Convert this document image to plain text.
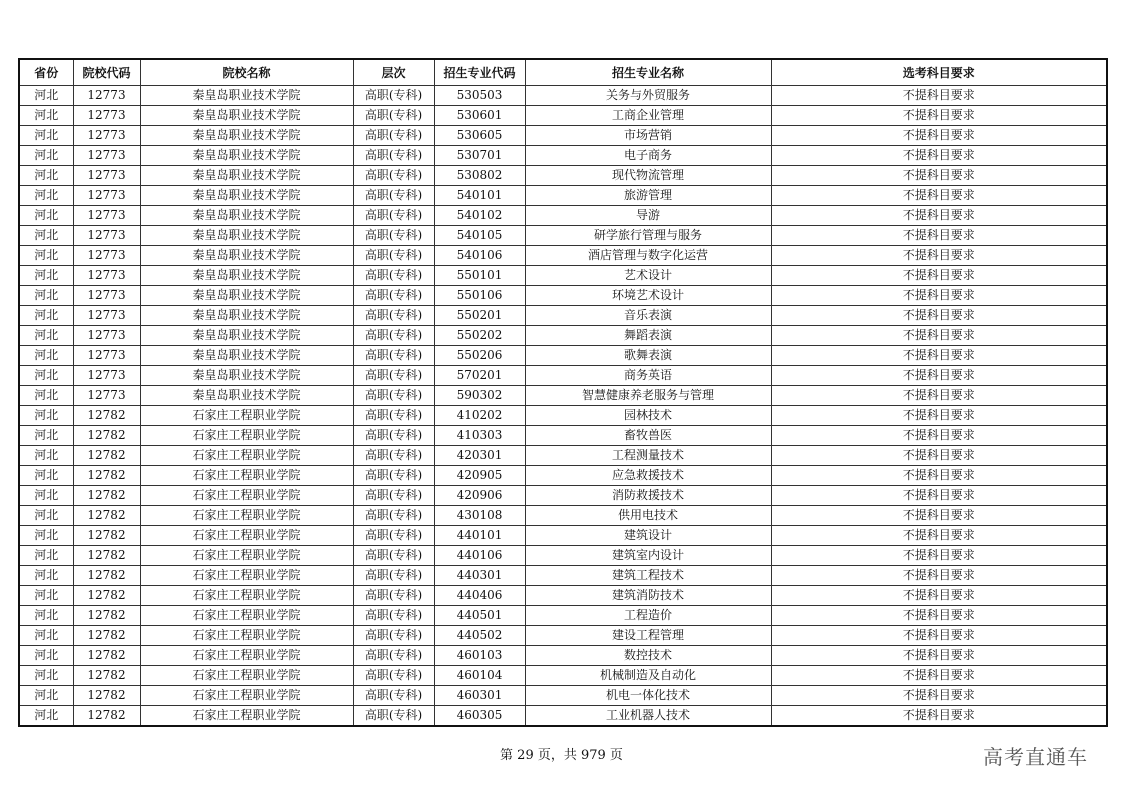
省份	院校代码	院校名称	层次	招生专业代码	招生专业名称	选考科目要求
河北	12773	秦皇岛职业技术学院	高职(专科)	530503	关务与外贸服务	不提科目要求
河北	12773	秦皇岛职业技术学院	高职(专科)	530601	工商企业管理	不提科目要求
河北	12773	秦皇岛职业技术学院	高职(专科)	530605	市场营销	不提科目要求
河北	12773	秦皇岛职业技术学院	高职(专科)	530701	电子商务	不提科目要求
河北	12773	秦皇岛职业技术学院	高职(专科)	530802	现代物流管理	不提科目要求
河北	12773	秦皇岛职业技术学院	高职(专科)	540101	旅游管理	不提科目要求
河北	12773	秦皇岛职业技术学院	高职(专科)	540102	导游	不提科目要求
河北	12773	秦皇岛职业技术学院	高职(专科)	540105	研学旅行管理与服务	不提科目要求
河北	12773	秦皇岛职业技术学院	高职(专科)	540106	酒店管理与数字化运营	不提科目要求
河北	12773	秦皇岛职业技术学院	高职(专科)	550101	艺术设计	不提科目要求
河北	12773	秦皇岛职业技术学院	高职(专科)	550106	环境艺术设计	不提科目要求
河北	12773	秦皇岛职业技术学院	高职(专科)	550201	音乐表演	不提科目要求
河北	12773	秦皇岛职业技术学院	高职(专科)	550202	舞蹈表演	不提科目要求
河北	12773	秦皇岛职业技术学院	高职(专科)	550206	歌舞表演	不提科目要求
河北	12773	秦皇岛职业技术学院	高职(专科)	570201	商务英语	不提科目要求
河北	12773	秦皇岛职业技术学院	高职(专科)	590302	智慧健康养老服务与管理	不提科目要求
河北	12782	石家庄工程职业学院	高职(专科)	410202	园林技术	不提科目要求
河北	12782	石家庄工程职业学院	高职(专科)	410303	畜牧兽医	不提科目要求
河北	12782	石家庄工程职业学院	高职(专科)	420301	工程测量技术	不提科目要求
河北	12782	石家庄工程职业学院	高职(专科)	420905	应急救援技术	不提科目要求
河北	12782	石家庄工程职业学院	高职(专科)	420906	消防救援技术	不提科目要求
河北	12782	石家庄工程职业学院	高职(专科)	430108	供用电技术	不提科目要求
河北	12782	石家庄工程职业学院	高职(专科)	440101	建筑设计	不提科目要求
河北	12782	石家庄工程职业学院	高职(专科)	440106	建筑室内设计	不提科目要求
河北	12782	石家庄工程职业学院	高职(专科)	440301	建筑工程技术	不提科目要求
河北	12782	石家庄工程职业学院	高职(专科)	440406	建筑消防技术	不提科目要求
河北	12782	石家庄工程职业学院	高职(专科)	440501	工程造价	不提科目要求
河北	12782	石家庄工程职业学院	高职(专科)	440502	建设工程管理	不提科目要求
河北	12782	石家庄工程职业学院	高职(专科)	460103	数控技术	不提科目要求
河北	12782	石家庄工程职业学院	高职(专科)	460104	机械制造及自动化	不提科目要求
河北	12782	石家庄工程职业学院	高职(专科)	460301	机电一体化技术	不提科目要求
河北	12782	石家庄工程职业学院	高职(专科)	460305	工业机器人技术	不提科目要求
第 29 页，共 979 页	高考直通车
